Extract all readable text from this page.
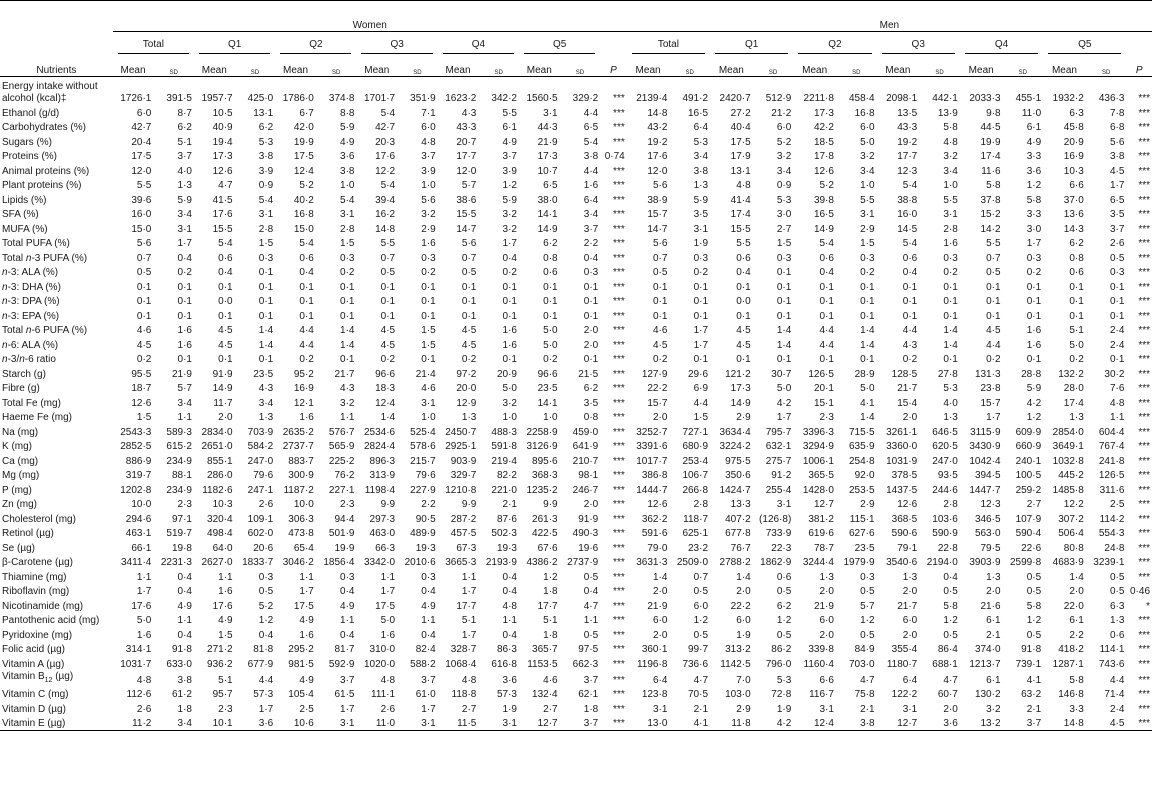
	Women													Men												

	Total		Q1		Q2		Q3		Q4		Q5			Total		Q1		Q2		Q3		Q4		Q5		

Nutrients	Mean	sd	Mean	sd	Mean	sd	Mean	sd	Mean	sd	Mean	sd	P	Mean	sd	Mean	sd	Mean	sd	Mean	sd	Mean	sd	Mean	sd	P
Energy intake without alcohol (kcal)‡	1726·1	391·5	1957·7	425·0	1786·0	374·8	1701·7	351·9	1623·2	342·2	1560·5	329·2	***	2139·4	491·2	2420·7	512·9	2211·8	458·4	2098·1	442·1	2033·3	455·1	1932·2	436·3	***
Ethanol (g/d)	6·0	8·7	10·5	13·1	6·7	8·8	5·4	7·1	4·3	5·5	3·1	4·4	***	14·8	16·5	27·2	21·2	17·3	16·8	13·5	13·9	9·8	11·0	6·3	7·8	***
Carbohydrates (%)	42·7	6·2	40·9	6·2	42·0	5·9	42·7	6·0	43·3	6·1	44·3	6·5	***	43·2	6·4	40·4	6·0	42·2	6·0	43·3	5·8	44·5	6·1	45·8	6·8	***
Sugars (%)	20·4	5·1	19·4	5·3	19·9	4·9	20·3	4·8	20·7	4·9	21·9	5·4	***	19·2	5·3	17·5	5·2	18·5	5·0	19·2	4·8	19·9	4·9	20·9	5·6	***
Proteins (%)	17·5	3·7	17·3	3·8	17·5	3·6	17·6	3·7	17·7	3·7	17·3	3·8	0·74	17·6	3·4	17·9	3·2	17·8	3·2	17·7	3·2	17·4	3·3	16·9	3·8	***
Animal proteins (%)	12·0	4·0	12·6	3·9	12·4	3·8	12·2	3·9	12·0	3·9	10·7	4·4	***	12·0	3·8	13·1	3·4	12·6	3·4	12·3	3·4	11·6	3·6	10·3	4·5	***
Plant proteins (%)	5·5	1·3	4·7	0·9	5·2	1·0	5·4	1·0	5·7	1·2	6·5	1·6	***	5·6	1·3	4·8	0·9	5·2	1·0	5·4	1·0	5·8	1·2	6·6	1·7	***
Lipids (%)	39·6	5·9	41·5	5·4	40·2	5·4	39·4	5·6	38·6	5·9	38·0	6·4	***	38·9	5·9	41·4	5·3	39·8	5·5	38·8	5·5	37·8	5·8	37·0	6·5	***
SFA (%)	16·0	3·4	17·6	3·1	16·8	3·1	16·2	3·2	15·5	3·2	14·1	3·4	***	15·7	3·5	17·4	3·0	16·5	3·1	16·0	3·1	15·2	3·3	13·6	3·5	***
MUFA (%)	15·0	3·1	15·5	2·8	15·0	2·8	14·8	2·9	14·7	3·2	14·9	3·7	***	14·7	3·1	15·5	2·7	14·9	2·9	14·5	2·8	14·2	3·0	14·3	3·7	***
Total PUFA (%)	5·6	1·7	5·4	1·5	5·4	1·5	5·5	1·6	5·6	1·7	6·2	2·2	***	5·6	1·9	5·5	1·5	5·4	1·5	5·4	1·6	5·5	1·7	6·2	2·6	***
Total n-3 PUFA (%)	0·7	0·4	0·6	0·3	0·6	0·3	0·7	0·3	0·7	0·4	0·8	0·4	***	0·7	0·3	0·6	0·3	0·6	0·3	0·6	0·3	0·7	0·3	0·8	0·5	***
n-3: ALA (%)	0·5	0·2	0·4	0·1	0·4	0·2	0·5	0·2	0·5	0·2	0·6	0·3	***	0·5	0·2	0·4	0·1	0·4	0·2	0·4	0·2	0·5	0·2	0·6	0·3	***
n-3: DHA (%)	0·1	0·1	0·1	0·1	0·1	0·1	0·1	0·1	0·1	0·1	0·1	0·1	***	0·1	0·1	0·1	0·1	0·1	0·1	0·1	0·1	0·1	0·1	0·1	0·1	***
n-3: DPA (%)	0·1	0·1	0·0	0·1	0·1	0·1	0·1	0·1	0·1	0·1	0·1	0·1	***	0·1	0·1	0·0	0·1	0·1	0·1	0·1	0·1	0·1	0·1	0·1	0·1	***
n-3: EPA (%)	0·1	0·1	0·1	0·1	0·1	0·1	0·1	0·1	0·1	0·1	0·1	0·1	***	0·1	0·1	0·1	0·1	0·1	0·1	0·1	0·1	0·1	0·1	0·1	0·1	***
Total n-6 PUFA (%)	4·6	1·6	4·5	1·4	4·4	1·4	4·5	1·5	4·5	1·6	5·0	2·0	***	4·6	1·7	4·5	1·4	4·4	1·4	4·4	1·4	4·5	1·6	5·1	2·4	***
n-6: ALA (%)	4·5	1·6	4·5	1·4	4·4	1·4	4·5	1·5	4·5	1·6	5·0	2·0	***	4·5	1·7	4·5	1·4	4·4	1·4	4·3	1·4	4·4	1·6	5·0	2·4	***
n-3/n-6 ratio	0·2	0·1	0·1	0·1	0·2	0·1	0·2	0·1	0·2	0·1	0·2	0·1	***	0·2	0·1	0·1	0·1	0·1	0·1	0·2	0·1	0·2	0·1	0·2	0·1	***
Starch (g)	95·5	21·9	91·9	23·5	95·2	21·7	96·6	21·4	97·2	20·9	96·6	21·5	***	127·9	29·6	121·2	30·7	126·5	28·9	128·5	27·8	131·3	28·8	132·2	30·2	***
Fibre (g)	18·7	5·7	14·9	4·3	16·9	4·3	18·3	4·6	20·0	5·0	23·5	6·2	***	22·2	6·9	17·3	5·0	20·1	5·0	21·7	5·3	23·8	5·9	28·0	7·6	***
Total Fe (mg)	12·6	3·4	11·7	3·4	12·1	3·2	12·4	3·1	12·9	3·2	14·1	3·5	***	15·7	4·4	14·9	4·2	15·1	4·1	15·4	4·0	15·7	4·2	17·4	4·8	***
Haeme Fe (mg)	1·5	1·1	2·0	1·3	1·6	1·1	1·4	1·0	1·3	1·0	1·0	0·8	***	2·0	1·5	2·9	1·7	2·3	1·4	2·0	1·3	1·7	1·2	1·3	1·1	***
Na (mg)	2543·3	589·3	2834·0	703·9	2635·2	576·7	2534·6	525·4	2450·7	488·3	2258·9	459·0	***	3252·7	727·1	3634·4	795·7	3396·3	715·5	3261·1	646·5	3115·9	609·9	2854·0	604·4	***
K (mg)	2852·5	615·2	2651·0	584·2	2737·7	565·9	2824·4	578·6	2925·1	591·8	3126·9	641·9	***	3391·6	680·9	3224·2	632·1	3294·9	635·9	3360·0	620·5	3430·9	660·9	3649·1	767·4	***
Ca (mg)	886·9	234·9	855·1	247·0	883·7	225·2	896·3	215·7	903·9	219·4	895·6	210·7	***	1017·7	253·4	975·5	275·7	1006·1	254·8	1031·9	247·0	1042·4	240·1	1032·8	241·8	***
Mg (mg)	319·7	88·1	286·0	79·6	300·9	76·2	313·9	79·6	329·7	82·2	368·3	98·1	***	386·8	106·7	350·6	91·2	365·5	92·0	378·5	93·5	394·5	100·5	445·2	126·5	***
P (mg)	1202·8	234·9	1182·6	247·1	1187·2	227·1	1198·4	227·9	1210·8	221·0	1235·2	246·7	***	1444·7	266·8	1424·7	255·4	1428·0	253·5	1437·5	244·6	1447·7	259·2	1485·8	311·6	***
Zn (mg)	10·0	2·3	10·3	2·6	10·0	2·3	9·9	2·2	9·9	2·1	9·9	2·0	***	12·6	2·8	13·3	3·1	12·7	2·9	12·6	2·8	12·3	2·7	12·2	2·5	***
Cholesterol (mg)	294·6	97·1	320·4	109·1	306·3	94·4	297·3	90·5	287·2	87·6	261·3	91·9	***	362·2	118·7	407·2	(126·8)	381·2	115·1	368·5	103·6	346·5	107·9	307·2	114·2	***
Retinol (µg)	463·1	519·7	498·4	602·0	473·8	501·9	463·0	489·9	457·5	502·3	422·5	490·3	***	591·6	625·1	677·8	733·9	619·6	627·6	590·6	590·9	563·0	590·4	506·4	554·3	***
Se (µg)	66·1	19·8	64·0	20·6	65·4	19·9	66·3	19·3	67·3	19·3	67·6	19·6	***	79·0	23·2	76·7	22·3	78·7	23·5	79·1	22·8	79·5	22·6	80·8	24·8	***
β-Carotene (µg)	3411·4	2231·3	2627·0	1833·7	3046·2	1856·4	3342·0	2010·6	3665·3	2193·9	4386·2	2737·9	***	3631·3	2509·0	2788·2	1862·9	3244·4	1979·9	3540·6	2194·0	3903·9	2599·8	4683·9	3239·1	***
Thiamine (mg)	1·1	0·4	1·1	0·3	1·1	0·3	1·1	0·3	1·1	0·4	1·2	0·5	***	1·4	0·7	1·4	0·6	1·3	0·3	1·3	0·4	1·3	0·5	1·4	0·5	***
Riboflavin (mg)	1·7	0·4	1·6	0·5	1·7	0·4	1·7	0·4	1·7	0·4	1·8	0·4	***	2·0	0·5	2·0	0·5	2·0	0·5	2·0	0·5	2·0	0·5	2·0	0·5	0·46
Nicotinamide (mg)	17·6	4·9	17·6	5·2	17·5	4·9	17·5	4·9	17·7	4·8	17·7	4·7	***	21·9	6·0	22·2	6·2	21·9	5·7	21·7	5·8	21·6	5·8	22·0	6·3	*
Pantothenic acid (mg)	5·0	1·1	4·9	1·2	4·9	1·1	5·0	1·1	5·1	1·1	5·1	1·1	***	6·0	1·2	6·0	1·2	6·0	1·2	6·0	1·2	6·1	1·2	6·1	1·3	***
Pyridoxine (mg)	1·6	0·4	1·5	0·4	1·6	0·4	1·6	0·4	1·7	0·4	1·8	0·5	***	2·0	0·5	1·9	0·5	2·0	0·5	2·0	0·5	2·1	0·5	2·2	0·6	***
Folic acid (µg)	314·1	91·8	271·2	81·8	295·2	81·7	310·0	82·4	328·7	86·3	365·7	97·5	***	360·1	99·7	313·2	86·2	339·8	84·9	355·4	86·4	374·0	91·8	418·2	114·1	***
Vitamin A (µg)	1031·7	633·0	936·2	677·9	981·5	592·9	1020·0	588·2	1068·4	616·8	1153·5	662·3	***	1196·8	736·6	1142·5	796·0	1160·4	703·0	1180·7	688·1	1213·7	739·1	1287·1	743·6	***
Vitamin $B_{12}$ (µg)	4·8	3·8	5·1	4·4	4·9	3·7	4·8	3·7	4·8	3·6	4·6	3·7	***	6·4	4·7	7·0	5·3	6·6	4·7	6·4	4·7	6·1	4·1	5·8	4·4	***
Vitamin C (mg)	112·6	61·2	95·7	57·3	105·4	61·5	111·1	61·0	118·8	57·3	132·4	62·1	***	123·8	70·5	103·0	72·8	116·7	75·8	122·2	60·7	130·2	63·2	146·8	71·4	***
Vitamin D (µg)	2·6	1·8	2·3	1·7	2·5	1·7	2·6	1·7	2·7	1·9	2·7	1·8	***	3·1	2·1	2·9	1·9	3·1	2·1	3·1	2·0	3·2	2·1	3·3	2·4	***
Vitamin E (µg)	11·2	3·4	10·1	3·6	10·6	3·1	11·0	3·1	11·5	3·1	12·7	3·7	***	13·0	4·1	11·8	4·2	12·4	3·8	12·7	3·6	13·2	3·7	14·8	4·5	***
